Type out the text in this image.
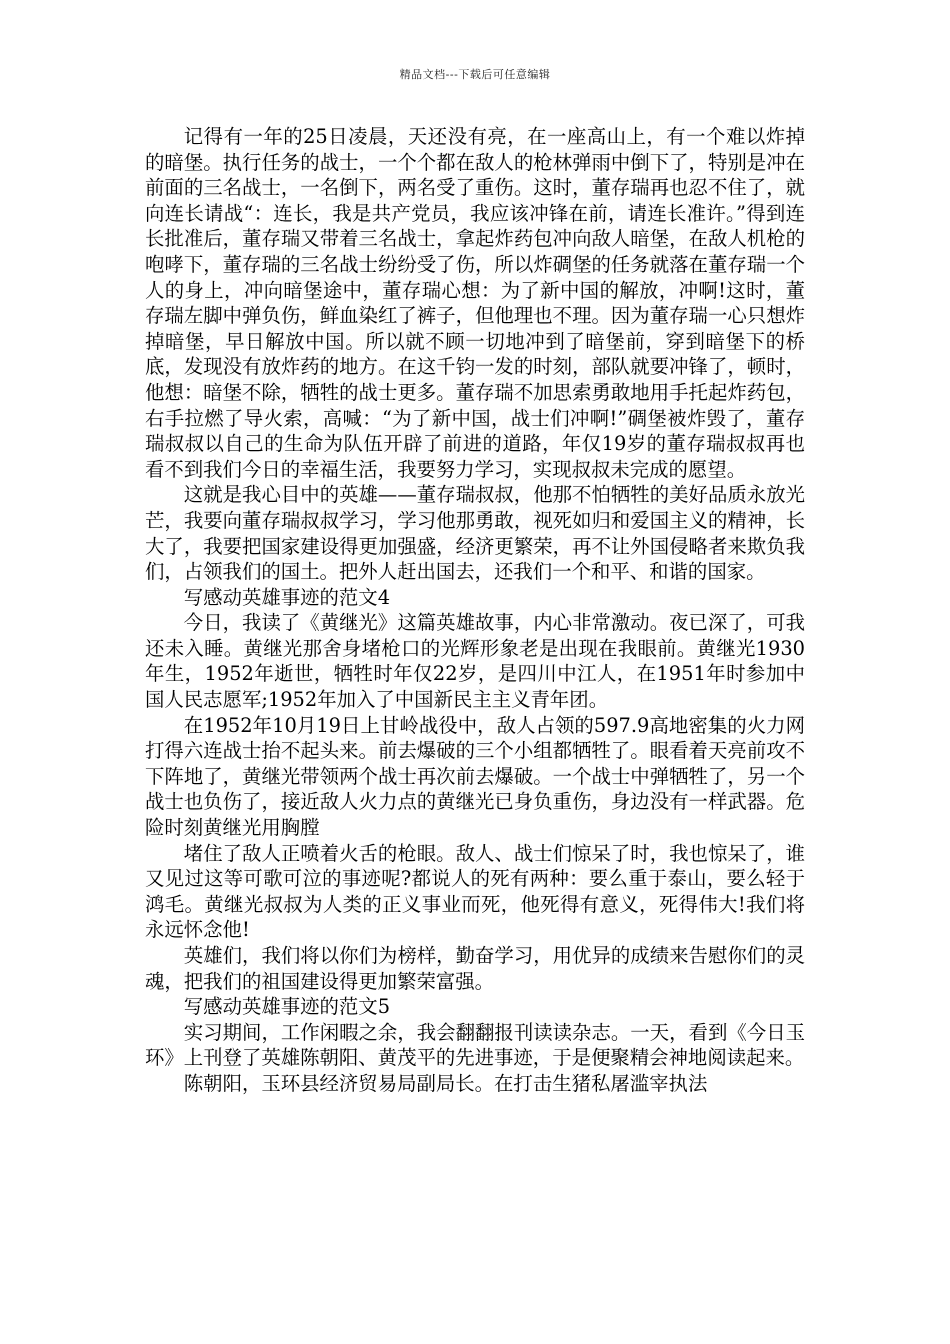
精品文档---下载后可任意编辑

记得有一年的25日凌晨，天还没有亮，在一座高山上，有一个难以炸掉的暗堡。执行任务的战士，一个个都在敌人的枪林弹雨中倒下了，特别是冲在前面的三名战士，一名倒下，两名受了重伤。这时，董存瑞再也忍不住了，就向连长请战“：连长，我是共产党员，我应该冲锋在前，请连长准许。”得到连长批准后，董存瑞又带着三名战士，拿起炸药包冲向敌人暗堡，在敌人机枪的咆哮下，董存瑞的三名战士纷纷受了伤，所以炸碉堡的任务就落在董存瑞一个人的身上，冲向暗堡途中，董存瑞心想：为了新中国的解放，冲啊!这时，董存瑞左脚中弹负伤，鲜血染红了裤子，但他理也不理。因为董存瑞一心只想炸掉暗堡，早日解放中国。所以就不顾一切地冲到了暗堡前，穿到暗堡下的桥底，发现没有放炸药的地方。在这千钧一发的时刻，部队就要冲锋了，顿时，他想：暗堡不除，牺牲的战士更多。董存瑞不加思索勇敢地用手托起炸药包，右手拉燃了导火索，高喊：“为了新中国，战士们冲啊!”碉堡被炸毁了，董存瑞叔叔以自己的生命为队伍开辟了前进的道路，年仅19岁的董存瑞叔叔再也看不到我们今日的幸福生活，我要努力学习，实现叔叔未完成的愿望。

这就是我心目中的英雄——董存瑞叔叔，他那不怕牺牲的美好品质永放光芒，我要向董存瑞叔叔学习，学习他那勇敢，视死如归和爱国主义的精神，长大了，我要把国家建设得更加强盛，经济更繁荣，再不让外国侵略者来欺负我们，占领我们的国土。把外人赶出国去，还我们一个和平、和谐的国家。

写感动英雄事迹的范文4

今日，我读了《黄继光》这篇英雄故事，内心非常激动。夜已深了，可我还未入睡。黄继光那舍身堵枪口的光辉形象老是出现在我眼前。黄继光1930年生，1952年逝世，牺牲时年仅22岁，是四川中江人，在1951年时参加中国人民志愿军;1952年加入了中国新民主主义青年团。

在1952年10月19日上甘岭战役中，敌人占领的597.9高地密集的火力网打得六连战士抬不起头来。前去爆破的三个小组都牺牲了。眼看着天亮前攻不下阵地了，黄继光带领两个战士再次前去爆破。一个战士中弹牺牲了，另一个战士也负伤了，接近敌人火力点的黄继光已身负重伤，身边没有一样武器。危险时刻黄继光用胸膛

堵住了敌人正喷着火舌的枪眼。敌人、战士们惊呆了时，我也惊呆了，谁又见过这等可歌可泣的事迹呢?都说人的死有两种：要么重于泰山，要么轻于鸿毛。黄继光叔叔为人类的正义事业而死，他死得有意义，死得伟大!我们将永远怀念他!

英雄们，我们将以你们为榜样，勤奋学习，用优异的成绩来告慰你们的灵魂，把我们的祖国建设得更加繁荣富强。

写感动英雄事迹的范文5

实习期间，工作闲暇之余，我会翻翻报刊读读杂志。一天，看到《今日玉环》上刊登了英雄陈朝阳、黄茂平的先进事迹，于是便聚精会神地阅读起来。

陈朝阳，玉环县经济贸易局副局长。在打击生猪私屠滥宰执法
